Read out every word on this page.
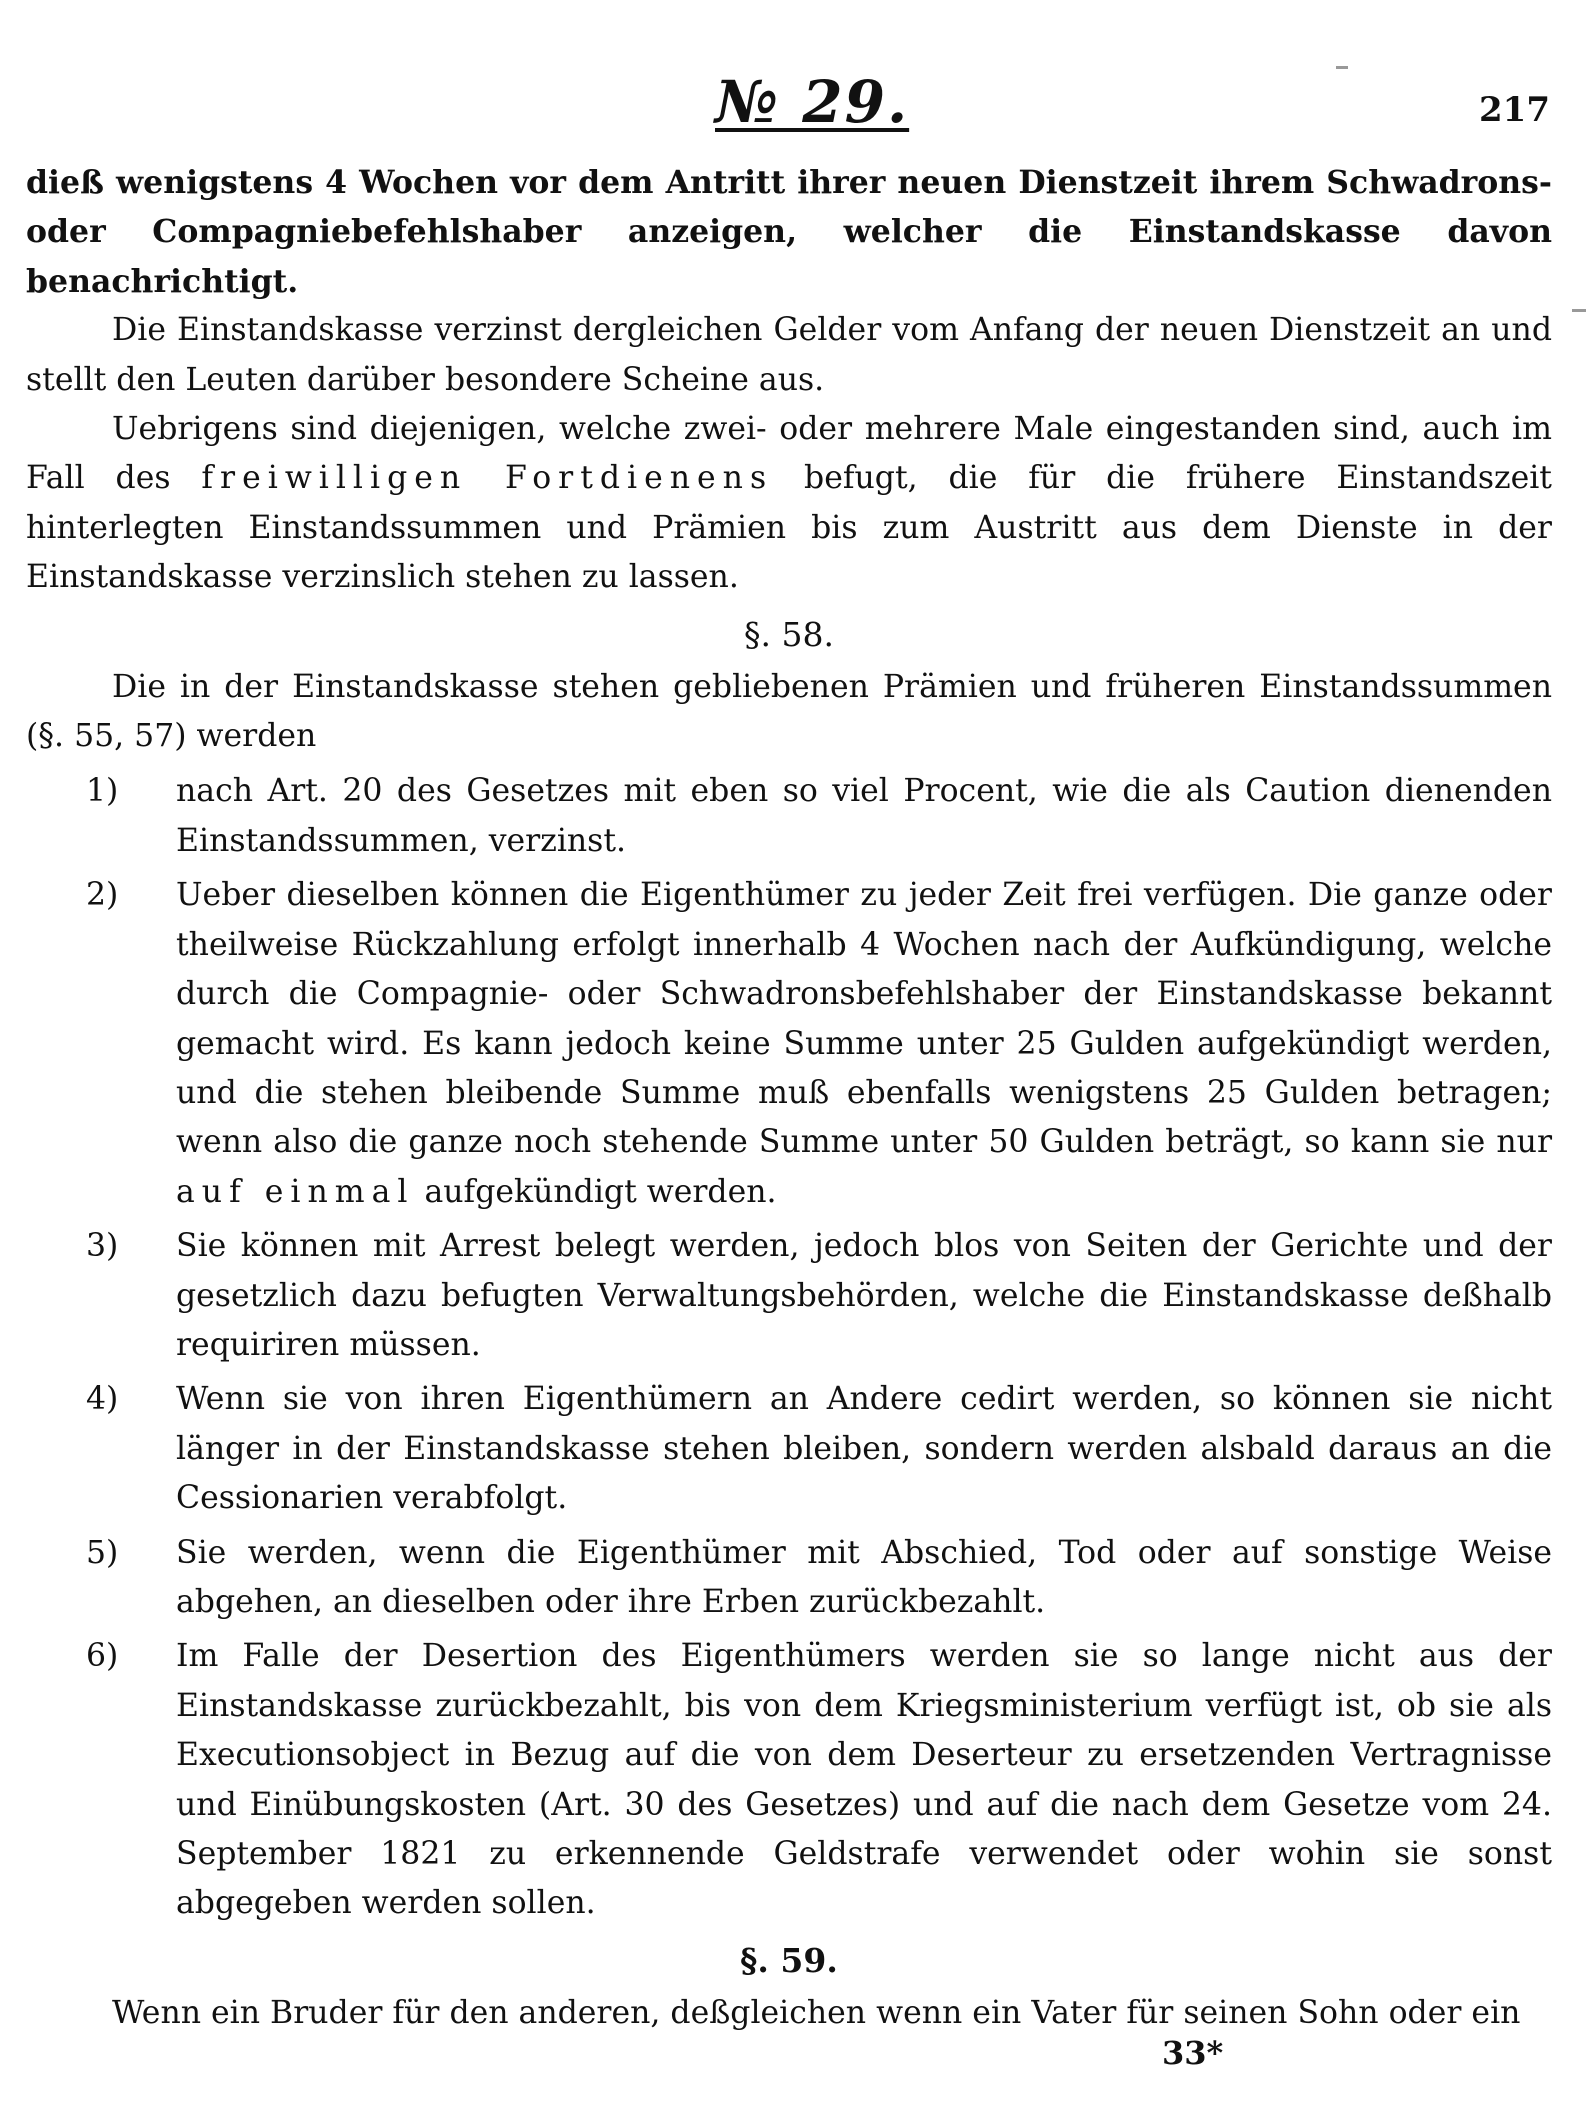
№ 29.	217

dieß wenigstens 4 Wochen vor dem Antritt ihrer neuen Dienstzeit ihrem Schwadrons- oder Compagniebefehlshaber anzeigen, welcher die Einstandskasse davon benachrichtigt.

Die Einstandskasse verzinst dergleichen Gelder vom Anfang der neuen Dienstzeit an und stellt den Leuten darüber besondere Scheine aus.

Uebrigens sind diejenigen, welche zwei- oder mehrere Male eingestanden sind, auch im Fall des freiwilligen Fortdienens befugt, die für die frühere Einstandszeit hinterlegten Einstandssummen und Prämien bis zum Austritt aus dem Dienste in der Einstandskasse verzinslich stehen zu lassen.

§. 58.

Die in der Einstandskasse stehen gebliebenen Prämien und früheren Einstandssummen (§. 55, 57) werden

1)	nach Art. 20 des Gesetzes mit eben so viel Procent, wie die als Caution dienenden Einstandssummen, verzinst.
2)	Ueber dieselben können die Eigenthümer zu jeder Zeit frei verfügen. Die ganze oder theilweise Rückzahlung erfolgt innerhalb 4 Wochen nach der Aufkündigung, welche durch die Compagnie- oder Schwadronsbefehlshaber der Einstandskasse bekannt gemacht wird. Es kann jedoch keine Summe unter 25 Gulden aufgekündigt werden, und die stehen bleibende Summe muß ebenfalls wenigstens 25 Gulden betragen; wenn also die ganze noch stehende Summe unter 50 Gulden beträgt, so kann sie nur auf einmal aufgekündigt werden.
3)	Sie können mit Arrest belegt werden, jedoch blos von Seiten der Gerichte und der gesetzlich dazu befugten Verwaltungsbehörden, welche die Einstandskasse deßhalb requiriren müssen.
4)	Wenn sie von ihren Eigenthümern an Andere cedirt werden, so können sie nicht länger in der Einstandskasse stehen bleiben, sondern werden alsbald daraus an die Cessionarien verabfolgt.
5)	Sie werden, wenn die Eigenthümer mit Abschied, Tod oder auf sonstige Weise abgehen, an dieselben oder ihre Erben zurückbezahlt.
6)	Im Falle der Desertion des Eigenthümers werden sie so lange nicht aus der Einstandskasse zurückbezahlt, bis von dem Kriegsministerium verfügt ist, ob sie als Executionsobject in Bezug auf die von dem Deserteur zu ersetzenden Vertragnisse und Einübungskosten (Art. 30 des Gesetzes) und auf die nach dem Gesetze vom 24. September 1821 zu erkennende Geldstrafe verwendet oder wohin sie sonst abgegeben werden sollen.
§. 59.

Wenn ein Bruder für den anderen, deßgleichen wenn ein Vater für seinen Sohn oder ein

33*
